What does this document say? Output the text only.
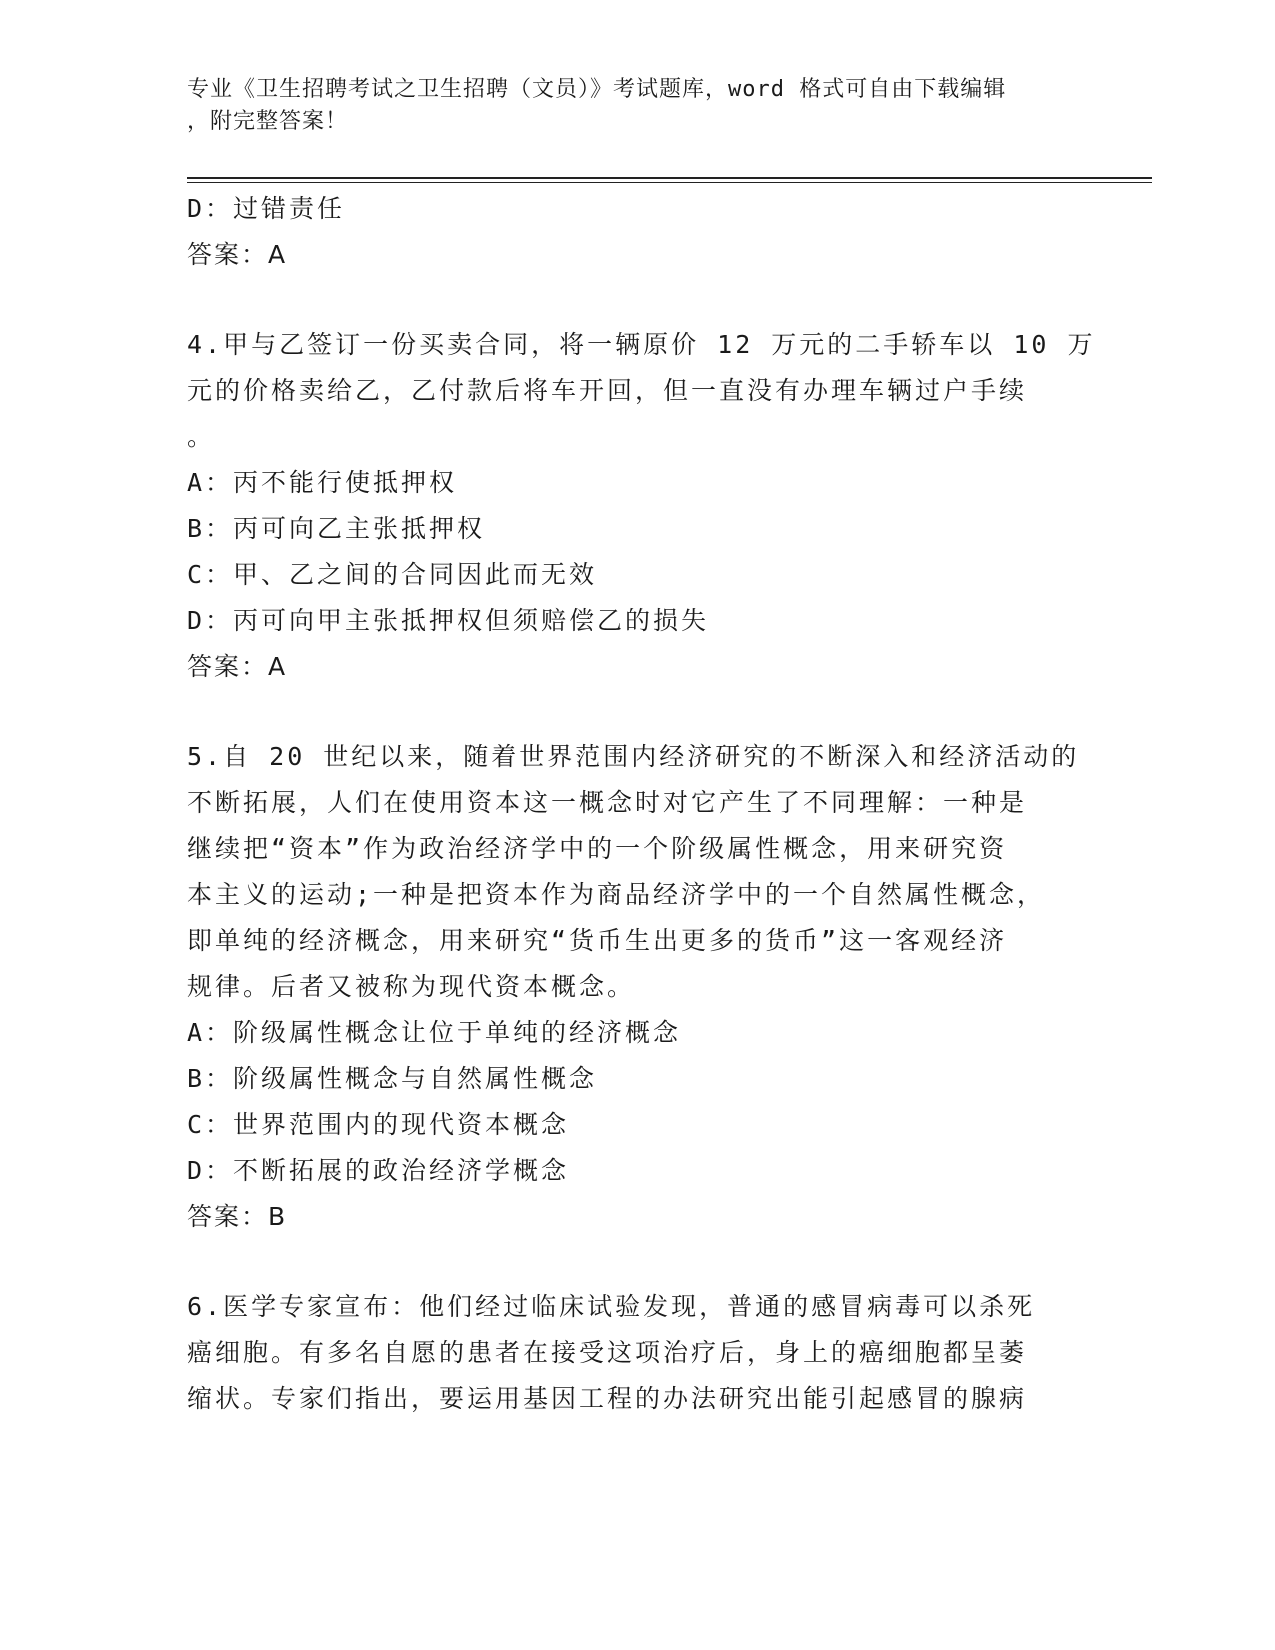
专业《卫生招聘考试之卫生招聘（文员）》考试题库，word 格式可自由下载编辑
，附完整答案！
D：过错责任
答案：A
4.甲与乙签订一份买卖合同，将一辆原价 12 万元的二手轿车以 10 万
元的价格卖给乙，乙付款后将车开回，但一直没有办理车辆过户手续
。
A：丙不能行使抵押权
B：丙可向乙主张抵押权
C：甲、乙之间的合同因此而无效
D：丙可向甲主张抵押权但须赔偿乙的损失
答案：A
5.自 20 世纪以来，随着世界范围内经济研究的不断深入和经济活动的
不断拓展，人们在使用资本这一概念时对它产生了不同理解：一种是
继续把“资本”作为政治经济学中的一个阶级属性概念，用来研究资
本主义的运动;一种是把资本作为商品经济学中的一个自然属性概念，
即单纯的经济概念，用来研究“货币生出更多的货币”这一客观经济
规律。后者又被称为现代资本概念。
A：阶级属性概念让位于单纯的经济概念
B：阶级属性概念与自然属性概念
C：世界范围内的现代资本概念
D：不断拓展的政治经济学概念
答案：B
6.医学专家宣布：他们经过临床试验发现，普通的感冒病毒可以杀死
癌细胞。有多名自愿的患者在接受这项治疗后，身上的癌细胞都呈萎
缩状。专家们指出，要运用基因工程的办法研究出能引起感冒的腺病
